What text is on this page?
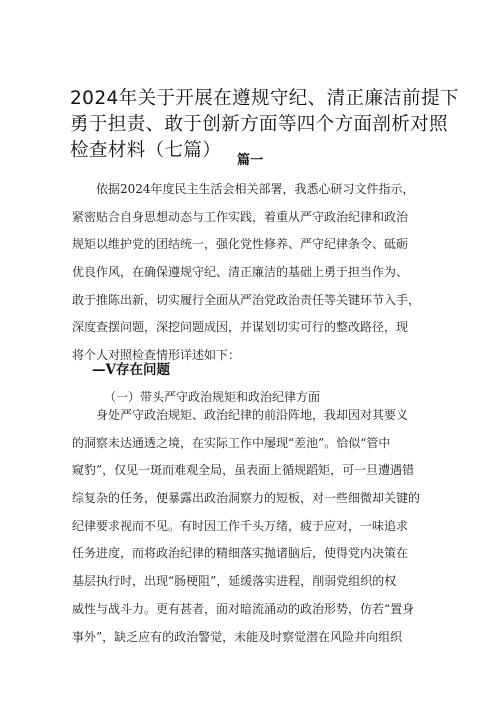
2024年关于开展在遵规守纪、清正廉洁前提下
勇于担责、敢于创新方面等四个方面剖析对照
检查材料（七篇）	篇一
依据2024年度民主生活会相关部署，我悉心研习文件指示，
紧密贴合自身思想动态与工作实践，着重从严守政治纪律和政治
规矩以维护党的团结统一，强化党性修养、严守纪律条令、砥砺
优良作风，在确保遵规守纪、清正廉洁的基础上勇于担当作为、
敢于推陈出新，切实履行全面从严治党政治责任等关键环节入手，
深度查摆问题，深挖问题成因，并谋划切实可行的整改路径，现
将个人对照检查情形详述如下：
—V存在问题
（一）带头严守政治规矩和政治纪律方面
身处严守政治规矩、政治纪律的前沿阵地，我却因对其要义
的洞察未达通透之境，在实际工作中屡现“差池”。恰似“管中
窥豹”，仅见一斑而难观全局，虽表面上循规蹈矩，可一旦遭遇错
综复杂的任务，便暴露出政治洞察力的短板，对一些细微却关键的
纪律要求视而不见。有时因工作千头万绪，疲于应对，一味追求
任务进度，而将政治纪律的精细落实抛诸脑后，使得党内决策在
基层执行时，出现“肠梗阻”，延缓落实进程，削弱党组织的权
威性与战斗力。更有甚者，面对暗流涌动的政治形势，仿若“置身
事外”，缺乏应有的政治警觉，未能及时察觉潜在风险并向组织
